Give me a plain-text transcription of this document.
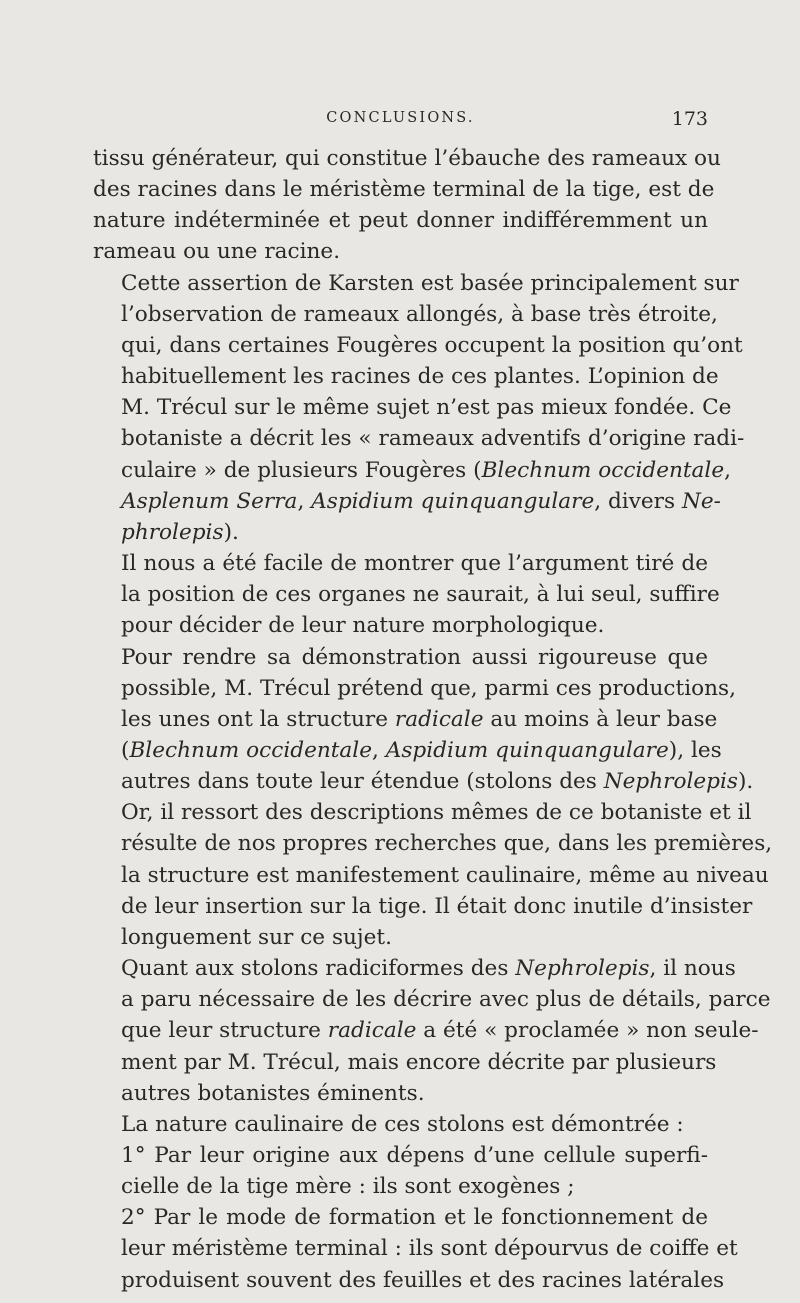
CONCLUSIONS.	173

tissu générateur, qui constitue l’ébauche des rameaux ou
des racines dans le méristème terminal de la tige, est de
nature indéterminée et peut donner indifféremment un
rameau ou une racine.

Cette assertion de Karsten est basée principalement sur
l’observation de rameaux allongés, à base très étroite,
qui, dans certaines Fougères occupent la position qu’ont
habituellement les racines de ces plantes. L’opinion de
M. Trécul sur le même sujet n’est pas mieux fondée. Ce
botaniste a décrit les « rameaux adventifs d’origine radi-
culaire » de plusieurs Fougères (Blechnum occidentale,
Asplenum Serra, Aspidium quinquangulare, divers Ne-
phrolepis).

Il nous a été facile de montrer que l’argument tiré de
la position de ces organes ne saurait, à lui seul, suffire
pour décider de leur nature morphologique.

Pour rendre sa démonstration aussi rigoureuse que
possible, M. Trécul prétend que, parmi ces productions,
les unes ont la structure radicale au moins à leur base
(Blechnum occidentale, Aspidium quinquangulare), les
autres dans toute leur étendue (stolons des Nephrolepis).
Or, il ressort des descriptions mêmes de ce botaniste et il
résulte de nos propres recherches que, dans les premières,
la structure est manifestement caulinaire, même au niveau
de leur insertion sur la tige. Il était donc inutile d’insister
longuement sur ce sujet.

Quant aux stolons radiciformes des Nephrolepis, il nous
a paru nécessaire de les décrire avec plus de détails, parce
que leur structure radicale a été « proclamée » non seule-
ment par M. Trécul, mais encore décrite par plusieurs
autres botanistes éminents.

La nature caulinaire de ces stolons est démontrée :

1° Par leur origine aux dépens d’une cellule superfi-
cielle de la tige mère : ils sont exogènes ;

2° Par le mode de formation et le fonctionnement de
leur méristème terminal : ils sont dépourvus de coiffe et
produisent souvent des feuilles et des racines latérales
